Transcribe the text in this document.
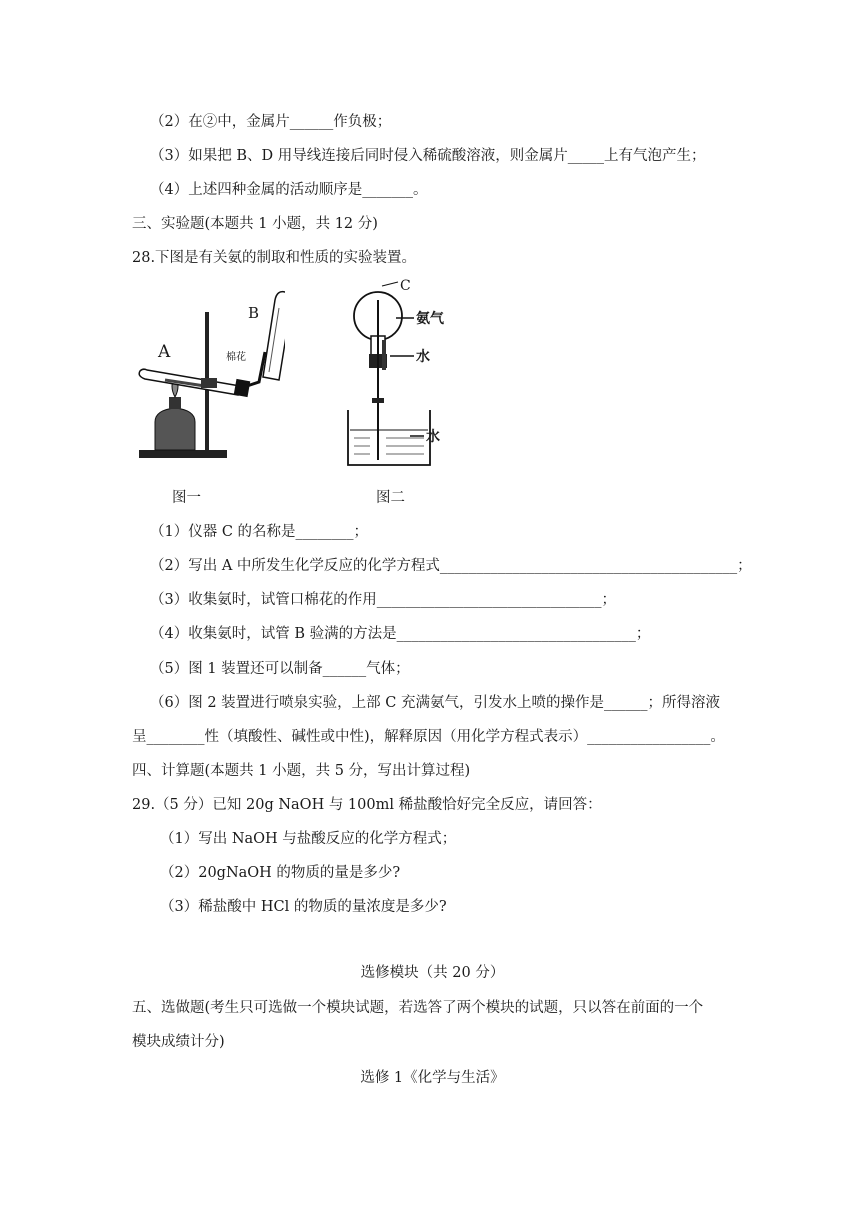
（2）在②中，金属片______作负极；
（3）如果把 B、D 用导线连接后同时侵入稀硫酸溶液，则金属片_____上有气泡产生；
（4）上述四种金属的活动顺序是_______。
三、实验题(本题共 1 小题，共 12 分)
28.下图是有关氨的制取和性质的实验装置。
A
B
棉花
C
氨气
水
水
图一	图二
（1）仪器 C 的名称是________；
（2）写出 A 中所发生化学反应的化学方程式_________________________________________；
（3）收集氨时，试管口棉花的作用_______________________________；
（4）收集氨时，试管 B 验满的方法是_________________________________；
（5）图 1 装置还可以制备______气体；
（6）图 2 装置进行喷泉实验，上部 C 充满氨气，引发水上喷的操作是______；所得溶液
呈________性（填酸性、碱性或中性)，解释原因（用化学方程式表示）_________________。
四、计算题(本题共 1 小题，共 5 分，写出计算过程)
29.（5 分）已知 20g NaOH 与 100ml 稀盐酸恰好完全反应，请回答：
（1）写出 NaOH 与盐酸反应的化学方程式；
（2）20gNaOH 的物质的量是多少?
（3）稀盐酸中 HCl 的物质的量浓度是多少?
选修模块（共 20 分）
五、选做题(考生只可选做一个模块试题，若选答了两个模块的试题，只以答在前面的一个
模块成绩计分)
选修 1《化学与生活》
